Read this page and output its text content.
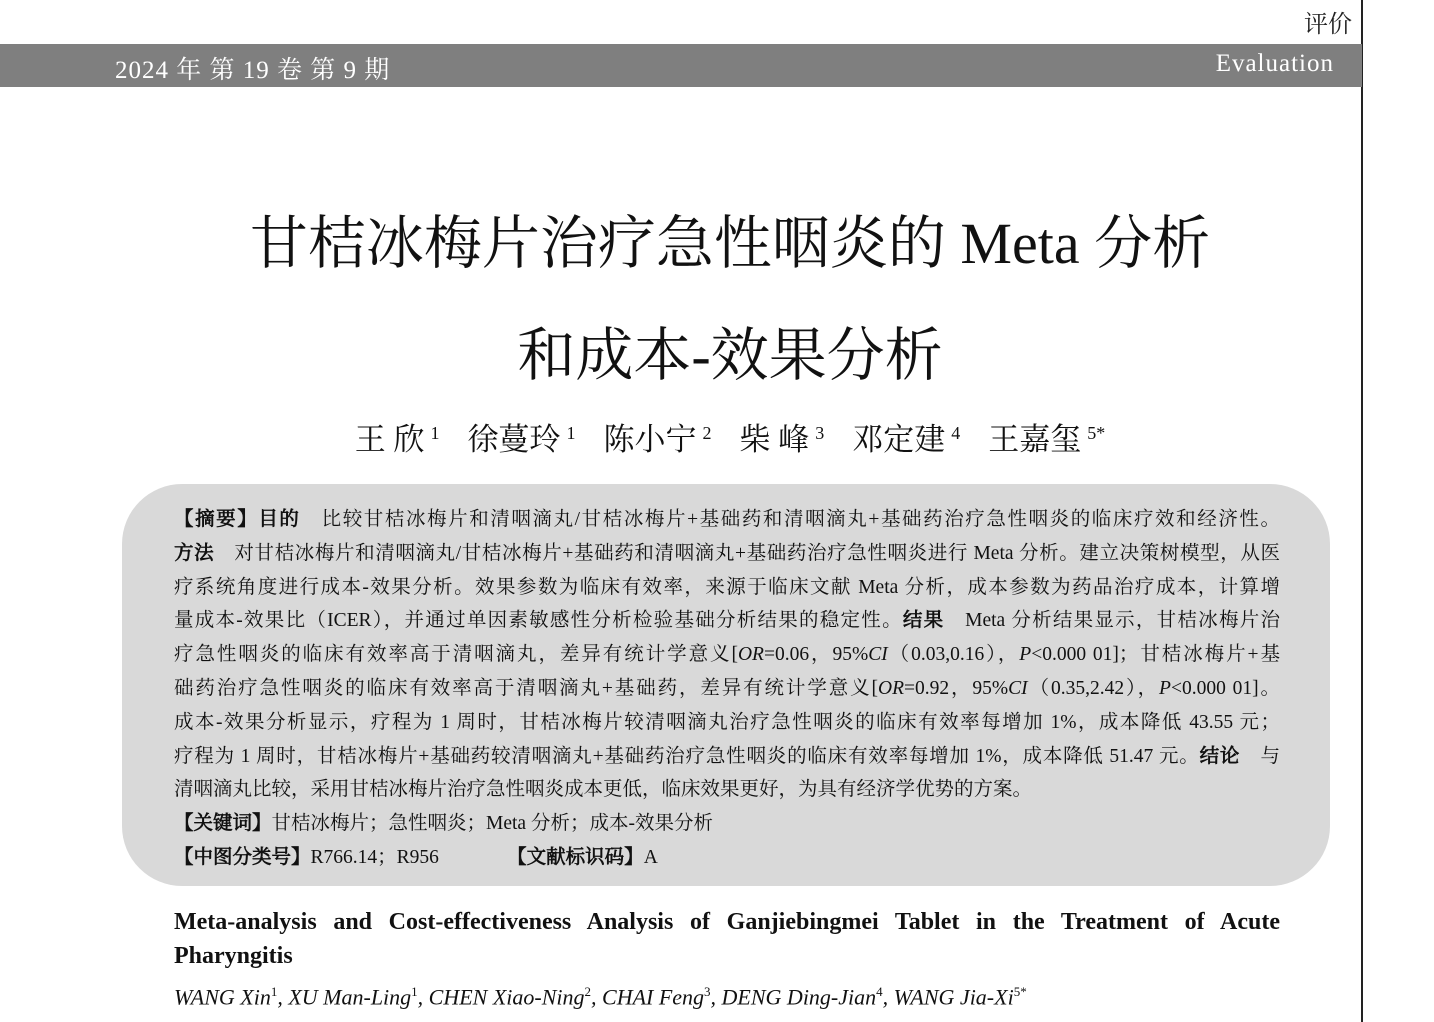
评价
2024 年 第 19 卷 第 9 期	Evaluation
甘桔冰梅片治疗急性咽炎的 Meta 分析
和成本-效果分析
王 欣 $^1$ 徐蔓玲 $^1$ 陈小宁 $^2$ 柴 峰 $^3$ 邓定建 $^4$ 王嘉玺 $^{5*}$
【摘要】目的　比较甘桔冰梅片和清咽滴丸/甘桔冰梅片+基础药和清咽滴丸+基础药治疗急性咽炎的临床疗效和经济性。
方法　对甘桔冰梅片和清咽滴丸/甘桔冰梅片+基础药和清咽滴丸+基础药治疗急性咽炎进行 Meta 分析。建立决策树模型，从医
疗系统角度进行成本-效果分析。效果参数为临床有效率，来源于临床文献 Meta 分析，成本参数为药品治疗成本，计算增
量成本-效果比（ICER），并通过单因素敏感性分析检验基础分析结果的稳定性。结果　Meta 分析结果显示，甘桔冰梅片治
疗急性咽炎的临床有效率高于清咽滴丸，差异有统计学意义[OR=0.06，95%CI（0.03,0.16），P<0.000 01]；甘桔冰梅片+基
础药治疗急性咽炎的临床有效率高于清咽滴丸+基础药，差异有统计学意义[OR=0.92，95%CI（0.35,2.42），P<0.000 01]。
成本-效果分析显示，疗程为 1 周时，甘桔冰梅片较清咽滴丸治疗急性咽炎的临床有效率每增加 1%，成本降低 43.55 元；
疗程为 1 周时，甘桔冰梅片+基础药较清咽滴丸+基础药治疗急性咽炎的临床有效率每增加 1%，成本降低 51.47 元。结论　与
清咽滴丸比较，采用甘桔冰梅片治疗急性咽炎成本更低，临床效果更好，为具有经济学优势的方案。
【关键词】甘桔冰梅片；急性咽炎；Meta 分析；成本-效果分析
【中图分类号】R766.14；R956　　　　	【文献标识码】A
Meta-analysis and Cost-effectiveness Analysis of Ganjiebingmei Tablet in the Treatment of Acute Pharyngitis
WANG Xin$^1$, XU Man-Ling$^1$, CHEN Xiao-Ning$^2$, CHAI Feng$^3$, DENG Ding-Jian$^4$, WANG Jia-$Xi^{5*}$
